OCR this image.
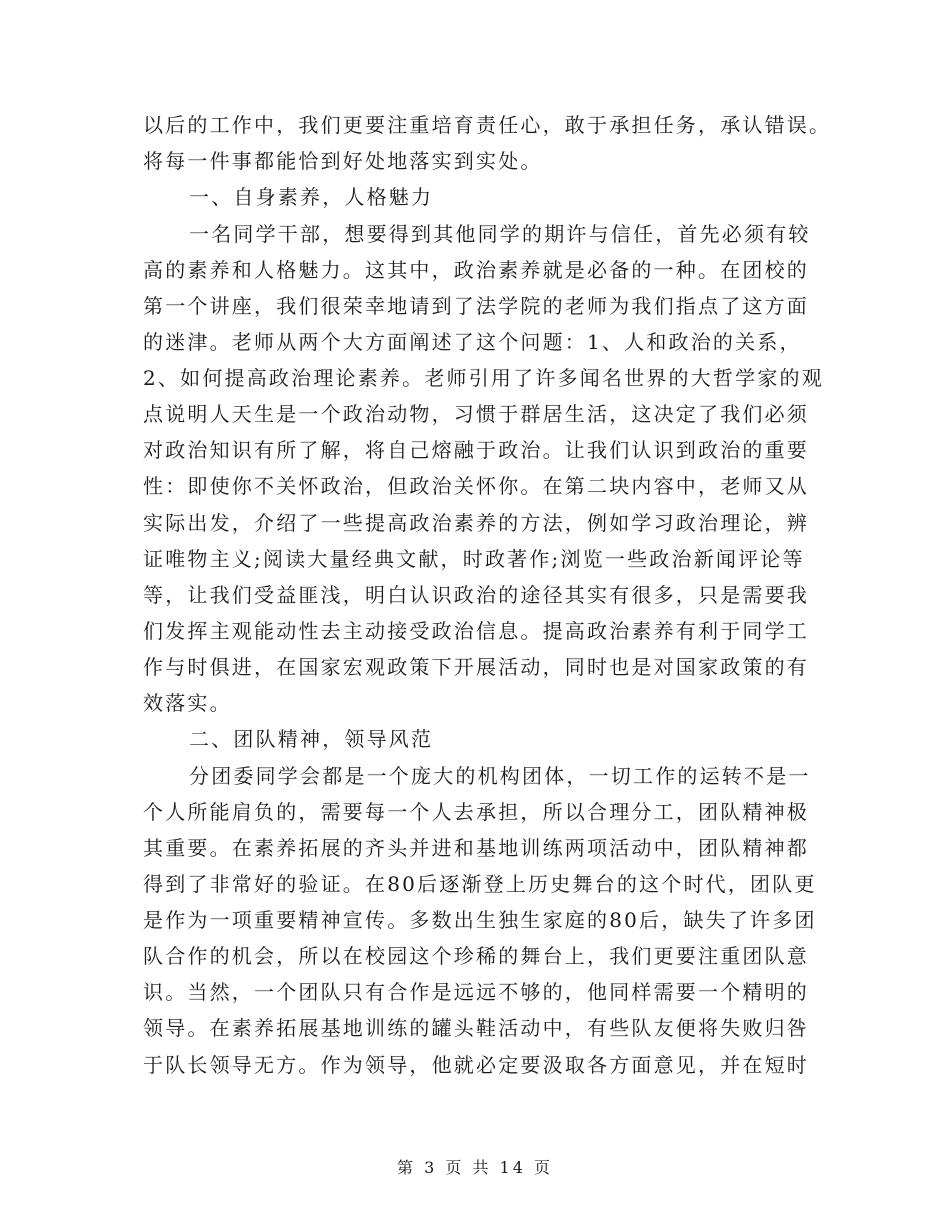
以后的工作中，我们更要注重培育责任心，敢于承担任务，承认错误。
将每一件事都能恰到好处地落实到实处。
一、自身素养，人格魅力
一名同学干部，想要得到其他同学的期许与信任，首先必须有较
高的素养和人格魅力。这其中，政治素养就是必备的一种。在团校的
第一个讲座，我们很荣幸地请到了法学院的老师为我们指点了这方面
的迷津。老师从两个大方面阐述了这个问题：1、人和政治的关系，
2、如何提高政治理论素养。老师引用了许多闻名世界的大哲学家的观
点说明人天生是一个政治动物，习惯于群居生活，这决定了我们必须
对政治知识有所了解，将自己熔融于政治。让我们认识到政治的重要
性：即使你不关怀政治，但政治关怀你。在第二块内容中，老师又从
实际出发，介绍了一些提高政治素养的方法，例如学习政治理论，辨
证唯物主义;阅读大量经典文献，时政著作;浏览一些政治新闻评论等
等，让我们受益匪浅，明白认识政治的途径其实有很多，只是需要我
们发挥主观能动性去主动接受政治信息。提高政治素养有利于同学工
作与时俱进，在国家宏观政策下开展活动，同时也是对国家政策的有
效落实。
二、团队精神，领导风范
分团委同学会都是一个庞大的机构团体，一切工作的运转不是一
个人所能肩负的，需要每一个人去承担，所以合理分工，团队精神极
其重要。在素养拓展的齐头并进和基地训练两项活动中，团队精神都
得到了非常好的验证。在80后逐渐登上历史舞台的这个时代，团队更
是作为一项重要精神宣传。多数出生独生家庭的80后，缺失了许多团
队合作的机会，所以在校园这个珍稀的舞台上，我们更要注重团队意
识。当然，一个团队只有合作是远远不够的，他同样需要一个精明的
领导。在素养拓展基地训练的罐头鞋活动中，有些队友便将失败归咎
于队长领导无方。作为领导，他就必定要汲取各方面意见，并在短时
第 3 页 共 14 页
